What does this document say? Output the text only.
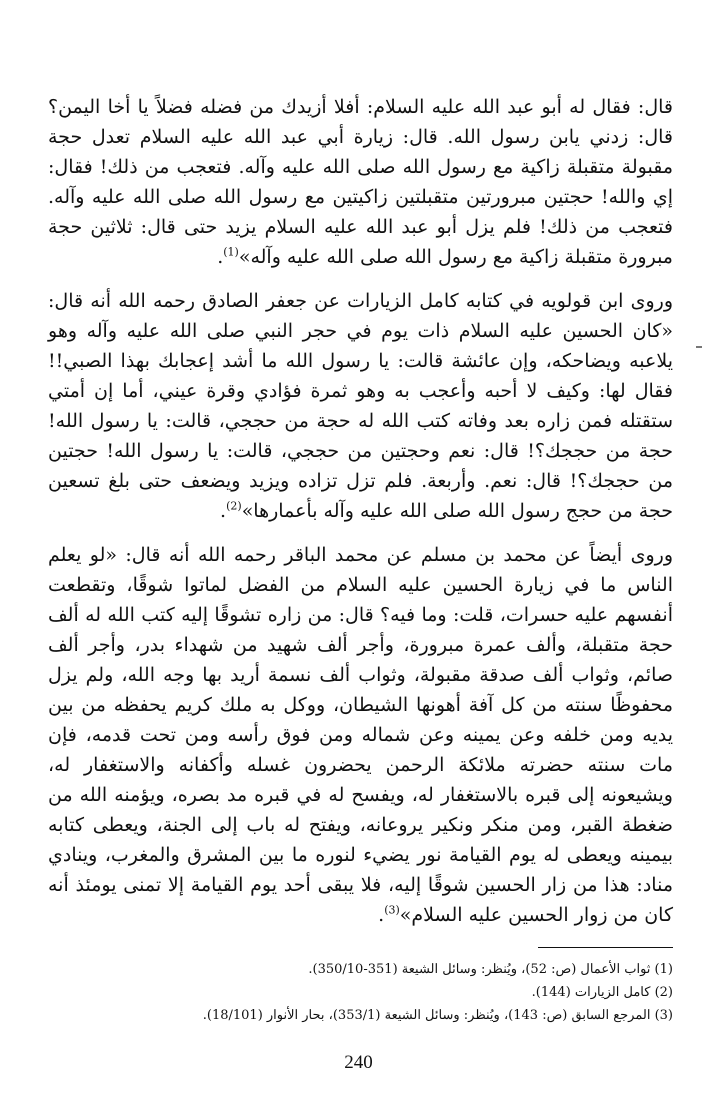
قال: فقال له أبو عبد الله عليه السلام: أفلا أزيدك من فضله فضلاً يا أخا اليمن؟ قال: زدني يابن رسول الله. قال: زيارة أبي عبد الله عليه السلام تعدل حجة مقبولة متقبلة زاكية مع رسول الله صلى الله عليه وآله. فتعجب من ذلك! فقال: إي والله! حجتين مبرورتين متقبلتين زاكيتين مع رسول الله صلى الله عليه وآله. فتعجب من ذلك! فلم يزل أبو عبد الله عليه السلام يزيد حتى قال: ثلاثين حجة مبرورة متقبلة زاكية مع رسول الله صلى الله عليه وآله»$^{(1)}$.

وروى ابن قولويه في كتابه كامل الزيارات عن جعفر الصادق رحمه الله أنه قال: «كان الحسين عليه السلام ذات يوم في حجر النبي صلى الله عليه وآله وهو يلاعبه ويضاحكه، وإن عائشة قالت: يا رسول الله ما أشد إعجابك بهذا الصبي!! فقال لها: وكيف لا أحبه وأعجب به وهو ثمرة فؤادي وقرة عيني، أما إن أمتي ستقتله فمن زاره بعد وفاته كتب الله له حجة من حججي، قالت: يا رسول الله! حجة من حججك؟! قال: نعم وحجتين من حججي، قالت: يا رسول الله! حجتين من حججك؟! قال: نعم. وأربعة. فلم تزل تزاده ويزيد ويضعف حتى بلغ تسعين حجة من حجج رسول الله صلى الله عليه وآله بأعمارها»$^{(2)}$.

وروى أيضاً عن محمد بن مسلم عن محمد الباقر رحمه الله أنه قال: «لو يعلم الناس ما في زيارة الحسين عليه السلام من الفضل لماتوا شوقًا، وتقطعت أنفسهم عليه حسرات، قلت: وما فيه؟ قال: من زاره تشوقًا إليه كتب الله له ألف حجة متقبلة، وألف عمرة مبرورة، وأجر ألف شهيد من شهداء بدر، وأجر ألف صائم، وثواب ألف صدقة مقبولة، وثواب ألف نسمة أريد بها وجه الله، ولم يزل محفوظًا سنته من كل آفة أهونها الشيطان، ووكل به ملك كريم يحفظه من بين يديه ومن خلفه وعن يمينه وعن شماله ومن فوق رأسه ومن تحت قدمه، فإن مات سنته حضرته ملائكة الرحمن يحضرون غسله وأكفانه والاستغفار له، ويشيعونه إلى قبره بالاستغفار له، ويفسح له في قبره مد بصره، ويؤمنه الله من ضغطة القبر، ومن منكر ونكير يروعانه، ويفتح له باب إلى الجنة، ويعطى كتابه بيمينه ويعطى له يوم القيامة نور يضيء لنوره ما بين المشرق والمغرب، وينادي مناد: هذا من زار الحسين شوقًا إليه، فلا يبقى أحد يوم القيامة إلا تمنى يومئذ أنه كان من زوار الحسين عليه السلام»$^{(3)}$.

(1) ثواب الأعمال (ص: 52)، ويُنظر: وسائل الشيعة (351-350/10).

(2) كامل الزيارات (144).

(3) المرجع السابق (ص: 143)، ويُنظر: وسائل الشيعة (353/1)، بحار الأنوار (18/101).

240
